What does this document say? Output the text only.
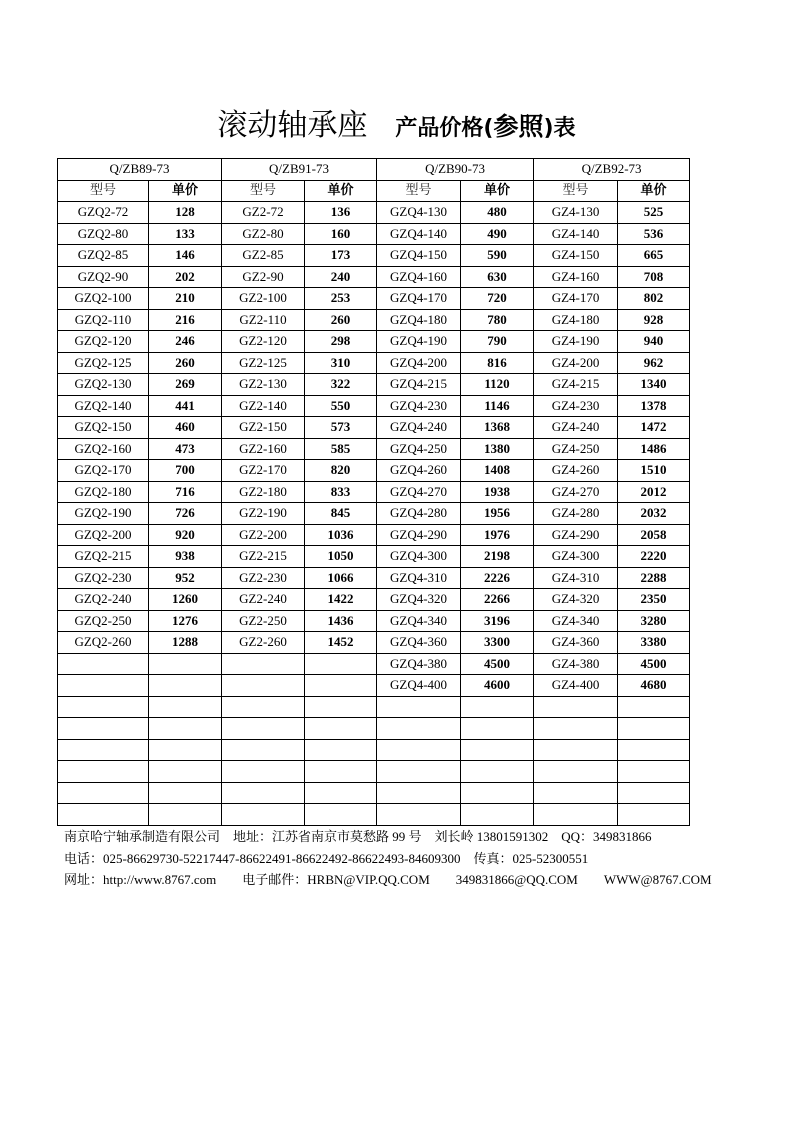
滚动轴承座 产品价格(参照)表
Q/ZB89-73		Q/ZB91-73		Q/ZB90-73		Q/ZB92-73	
型号	单价	型号	单价	型号	单价	型号	单价
GZQ2-72	128	GZ2-72	136	GZQ4-130	480	GZ4-130	525
GZQ2-80	133	GZ2-80	160	GZQ4-140	490	GZ4-140	536
GZQ2-85	146	GZ2-85	173	GZQ4-150	590	GZ4-150	665
GZQ2-90	202	GZ2-90	240	GZQ4-160	630	GZ4-160	708
GZQ2-100	210	GZ2-100	253	GZQ4-170	720	GZ4-170	802
GZQ2-110	216	GZ2-110	260	GZQ4-180	780	GZ4-180	928
GZQ2-120	246	GZ2-120	298	GZQ4-190	790	GZ4-190	940
GZQ2-125	260	GZ2-125	310	GZQ4-200	816	GZ4-200	962
GZQ2-130	269	GZ2-130	322	GZQ4-215	1120	GZ4-215	1340
GZQ2-140	441	GZ2-140	550	GZQ4-230	1146	GZ4-230	1378
GZQ2-150	460	GZ2-150	573	GZQ4-240	1368	GZ4-240	1472
GZQ2-160	473	GZ2-160	585	GZQ4-250	1380	GZ4-250	1486
GZQ2-170	700	GZ2-170	820	GZQ4-260	1408	GZ4-260	1510
GZQ2-180	716	GZ2-180	833	GZQ4-270	1938	GZ4-270	2012
GZQ2-190	726	GZ2-190	845	GZQ4-280	1956	GZ4-280	2032
GZQ2-200	920	GZ2-200	1036	GZQ4-290	1976	GZ4-290	2058
GZQ2-215	938	GZ2-215	1050	GZQ4-300	2198	GZ4-300	2220
GZQ2-230	952	GZ2-230	1066	GZQ4-310	2226	GZ4-310	2288
GZQ2-240	1260	GZ2-240	1422	GZQ4-320	2266	GZ4-320	2350
GZQ2-250	1276	GZ2-250	1436	GZQ4-340	3196	GZ4-340	3280
GZQ2-260	1288	GZ2-260	1452	GZQ4-360	3300	GZ4-360	3380
				GZQ4-380	4500	GZ4-380	4500
				GZQ4-400	4600	GZ4-400	4680

南京哈宁轴承制造有限公司　地址：江苏省南京市莫愁路 99 号　刘长岭 13801591302　QQ：349831866
电话：025-86629730-52217447-86622491-86622492-86622493-84609300　传真：025-52300551
网址：http://www.8767.com　　电子邮件：HRBN@VIP.QQ.COM　　349831866@QQ.COM　　WWW@8767.COM
